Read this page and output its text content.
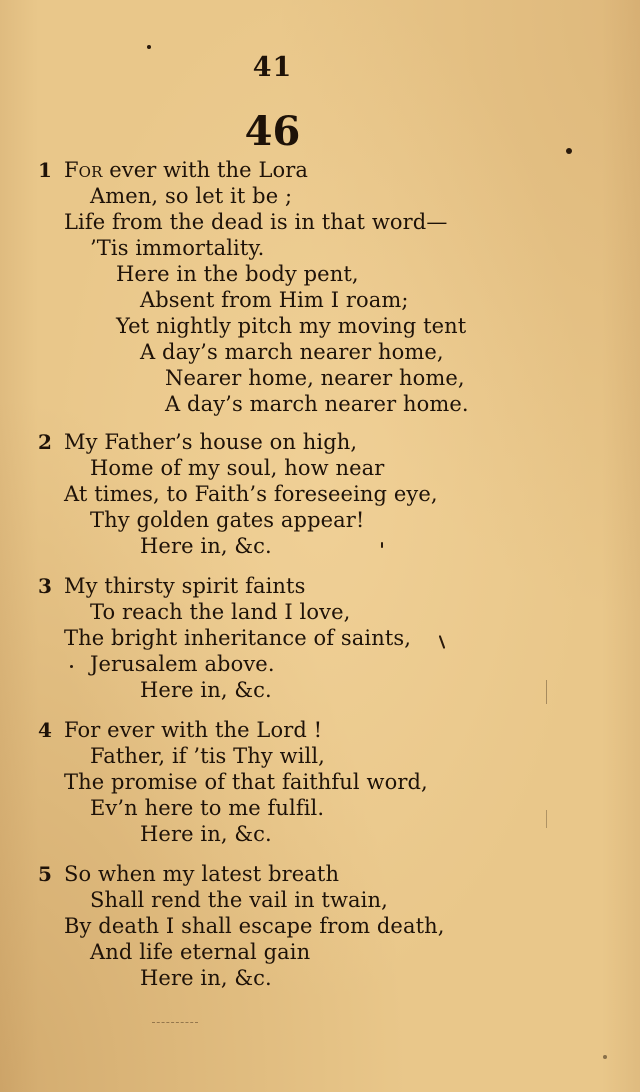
41
46
1 For ever with the Lora
Amen, so let it be ;
Life from the dead is in that word—
’Tis immortality.
Here in the body pent,
Absent from Him I roam;
Yet nightly pitch my moving tent
A day’s march nearer home,
Nearer home, nearer home,
A day’s march nearer home.
2 My Father’s house on high,
Home of my soul, how near
At times, to Faith’s foreseeing eye,
Thy golden gates appear!
Here in, &c.
3 My thirsty spirit faints
To reach the land I love,
The bright inheritance of saints,
Jerusalem above.
Here in, &c.
4 For ever with the Lord !
Father, if ’tis Thy will,
The promise of that faithful word,
Ev’n here to me fulfil.
Here in, &c.
5 So when my latest breath
Shall rend the vail in twain,
By death I shall escape from death,
And life eternal gain
Here in, &c.
